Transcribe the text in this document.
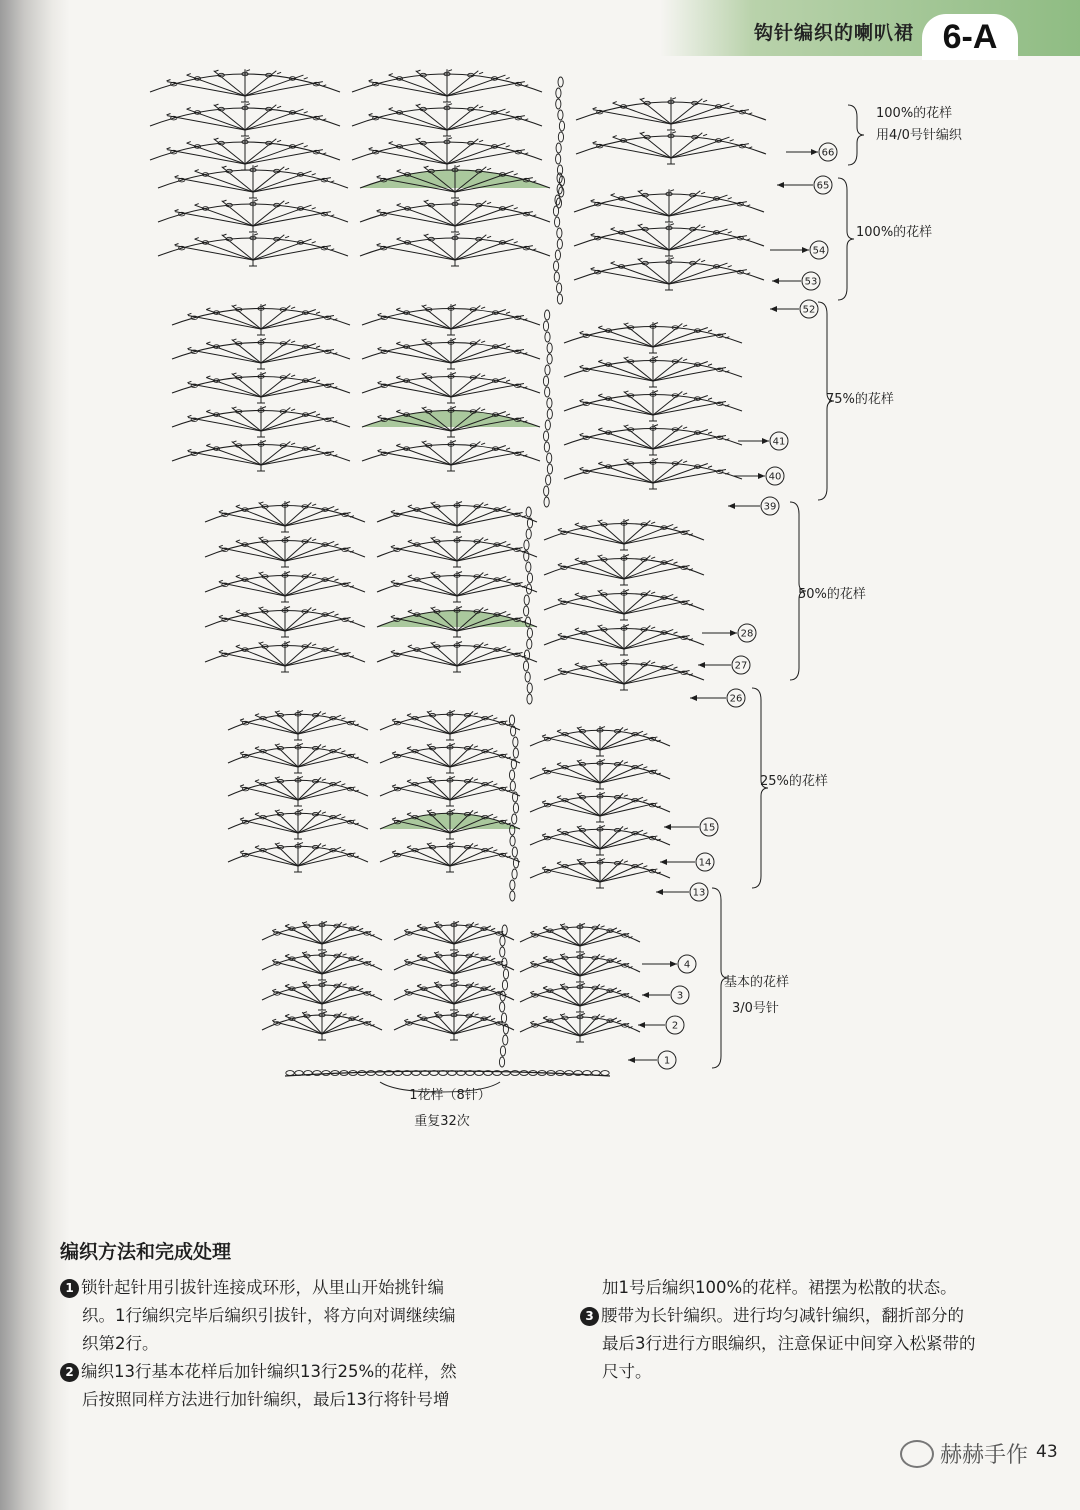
钩针编织的喇叭裙 6-A
100%的花样
用4/0号针编织
100%的花样
75%的花样
50%的花样
25%的花样
基本的花样
3/0号针
66
65
54
53
52
41
40
39
28
27
26
15
14
13
4
3
2
1
1花样（8针）
重复32次
编织方法和完成处理

1 锁针起针用引拔针连接成环形，从里山开始挑针编

织。1行编织完毕后编织引拔针，将方向对调继续编

织第2行。

2 编织13行基本花样后加针编织13行25%的花样，然

后按照同样方法进行加针编织，最后13行将针号增

加1号后编织100%的花样。裙摆为松散的状态。

3 腰带为长针编织。进行均匀减针编织，翻折部分的

最后3行进行方眼编织，注意保证中间穿入松紧带的

尺寸。

赫赫手作 43
